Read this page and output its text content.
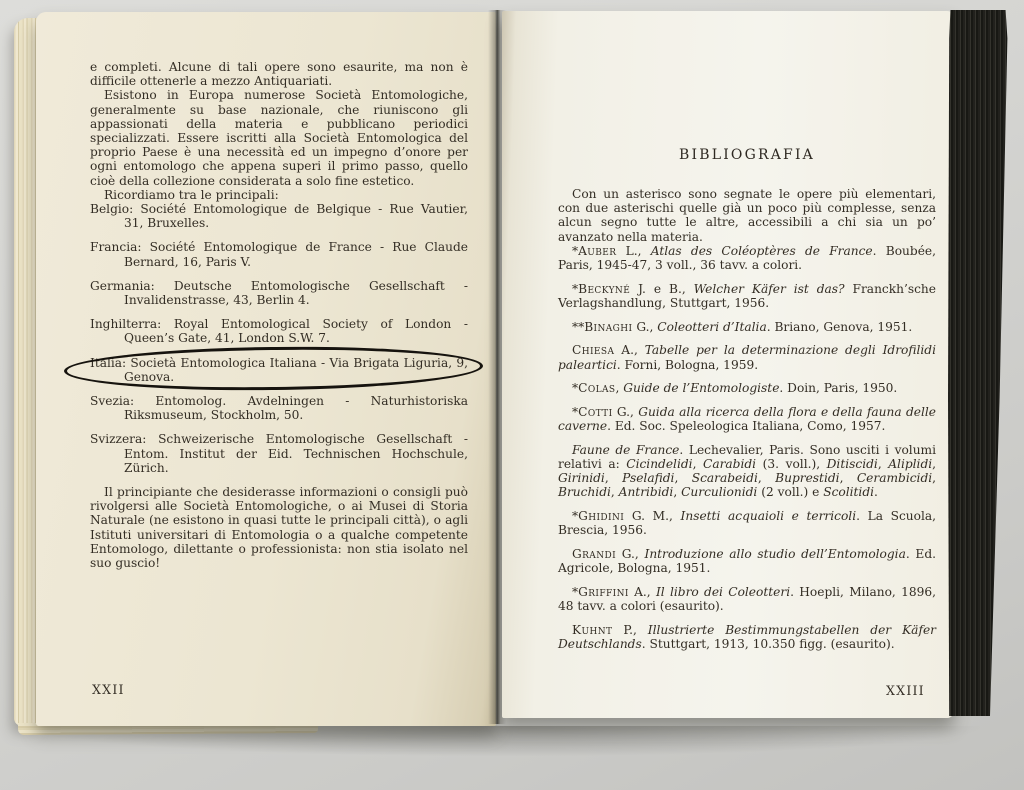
e completi. Alcune di tali opere sono esaurite, ma non è difficile ottenerle a mezzo Antiquariati.

Esistono in Europa numerose Società Entomologiche, generalmente su base nazionale, che riuniscono gli appassionati della materia e pubblicano periodici specializzati. Essere iscritti alla Società Entomologica del proprio Paese è una necessità ed un impegno d’onore per ogni entomologo che appena superi il primo passo, quello cioè della collezione considerata a solo fine estetico.

Ricordiamo tra le principali:

Belgio: Société Entomologique de Belgique - Rue Vautier, 31, Bruxelles.

Francia: Société Entomologique de France - Rue Claude Bernard, 16, Paris V.

Germania: Deutsche Entomologische Gesellschaft - Invalidenstrasse, 43, Berlin 4.

Inghilterra: Royal Entomological Society of London - Queen’s Gate, 41, London S.W. 7.

Italia: Società Entomologica Italiana - Via Brigata Liguria, 9, Genova.

Svezia: Entomolog. Avdelningen - Naturhistoriska Riksmuseum, Stockholm, 50.

Svizzera: Schweizerische Entomologische Gesellschaft - Entom. Institut der Eid. Technischen Hochschule, Zürich.

Il principiante che desiderasse informazioni o consigli può rivolgersi alle Società Entomologiche, o ai Musei di Storia Naturale (ne esistono in quasi tutte le principali città), o agli Istituti universitari di Entomologia o a qualche competente Entomologo, dilettante o professionista: non stia isolato nel suo guscio!

XXII
BIBLIOGRAFIA

Con un asterisco sono segnate le opere più elementari, con due asterischi quelle già un poco più complesse, senza alcun segno tutte le altre, accessibili a chi sia un po’ avanzato nella materia.

*Auber L., Atlas des Coléoptères de France. Boubée, Paris, 1945-47, 3 voll., 36 tavv. a colori.

*Beckyné J. e B., Welcher Käfer ist das? Franckh’sche Verlagshandlung, Stuttgart, 1956.

**Binaghi G., Coleotteri d’Italia. Briano, Genova, 1951.

Chiesa A., Tabelle per la determinazione degli Idrofilidi paleartici. Forni, Bologna, 1959.

*Colas, Guide de l’Entomologiste. Doin, Paris, 1950.

*Cotti G., Guida alla ricerca della flora e della fauna delle caverne. Ed. Soc. Speleologica Italiana, Como, 1957.

Faune de France. Lechevalier, Paris. Sono usciti i volumi relativi a: Cicindelidi, Carabidi (3. voll.), Ditiscidi, Aliplidi, Girinidi, Pselafidi, Scarabeidi, Buprestidi, Cerambicidi, Bruchidi, Antribidi, Curculionidi (2 voll.) e Scolitidi.

*Ghidini G. M., Insetti acquaioli e terricoli. La Scuola, Brescia, 1956.

Grandi G., Introduzione allo studio dell’Entomologia. Ed. Agricole, Bologna, 1951.

*Griffini A., Il libro dei Coleotteri. Hoepli, Milano, 1896, 48 tavv. a colori (esaurito).

Kuhnt P., Illustrierte Bestimmungstabellen der Käfer Deutschlands. Stuttgart, 1913, 10.350 figg. (esaurito).

XXIII
